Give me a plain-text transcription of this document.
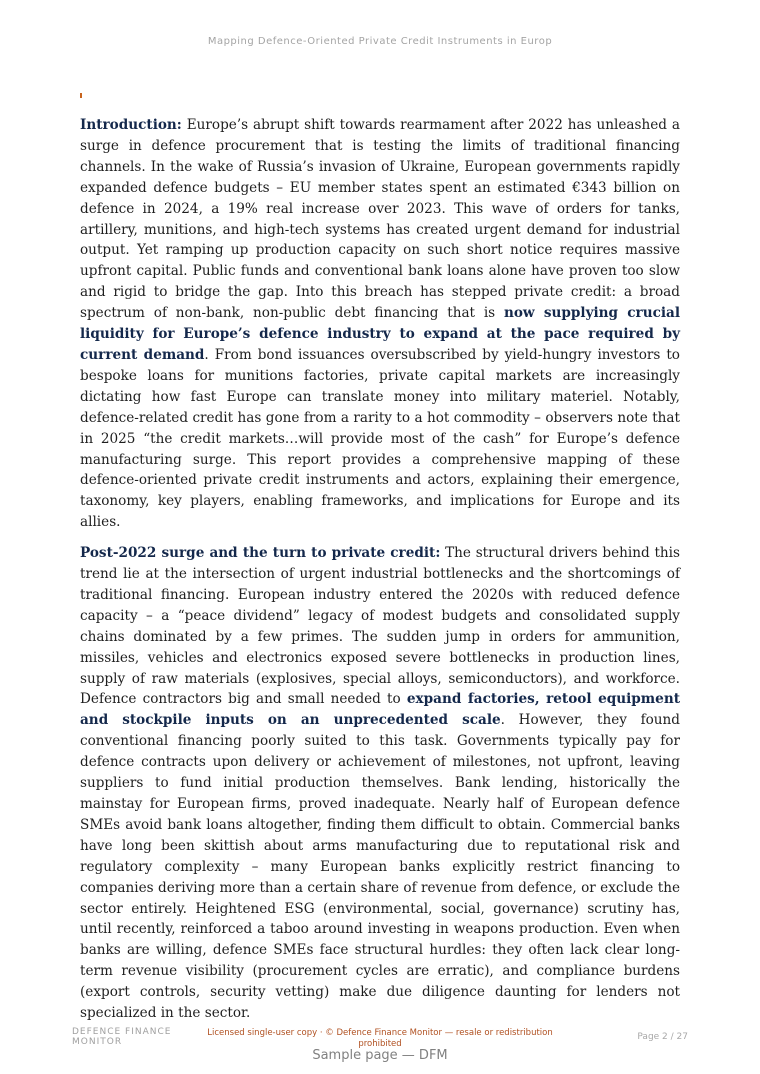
Mapping Defence-Oriented Private Credit Instruments in Europ

Introduction: Europe’s abrupt shift towards rearmament after 2022 has unleashed a surge in defence procurement that is testing the limits of traditional financing channels. In the wake of Russia’s invasion of Ukraine, European governments rapidly expanded defence budgets – EU member states spent an estimated €343 billion on defence in 2024, a 19% real increase over 2023. This wave of orders for tanks, artillery, munitions, and high-tech systems has created urgent demand for industrial output. Yet ramping up production capacity on such short notice requires massive upfront capital. Public funds and conventional bank loans alone have proven too slow and rigid to bridge the gap. Into this breach has stepped private credit: a broad spectrum of non-bank, non-public debt financing that is now supplying crucial liquidity for Europe’s defence industry to expand at the pace required by current demand. From bond issuances oversubscribed by yield-hungry investors to bespoke loans for munitions factories, private capital markets are increasingly dictating how fast Europe can translate money into military materiel. Notably, defence-related credit has gone from a rarity to a hot commodity – observers note that in 2025 “the credit markets…will provide most of the cash” for Europe’s defence manufacturing surge. This report provides a comprehensive mapping of these defence-oriented private credit instruments and actors, explaining their emergence, taxonomy, key players, enabling frameworks, and implications for Europe and its allies.

Post-2022 surge and the turn to private credit: The structural drivers behind this trend lie at the intersection of urgent industrial bottlenecks and the shortcomings of traditional financing. European industry entered the 2020s with reduced defence capacity – a “peace dividend” legacy of modest budgets and consolidated supply chains dominated by a few primes. The sudden jump in orders for ammunition, missiles, vehicles and electronics exposed severe bottlenecks in production lines, supply of raw materials (explosives, special alloys, semiconductors), and workforce. Defence contractors big and small needed to expand factories, retool equipment and stockpile inputs on an unprecedented scale. However, they found conventional financing poorly suited to this task. Governments typically pay for defence contracts upon delivery or achievement of milestones, not upfront, leaving suppliers to fund initial production themselves. Bank lending, historically the mainstay for European firms, proved inadequate. Nearly half of European defence SMEs avoid bank loans altogether, finding them difficult to obtain. Commercial banks have long been skittish about arms manufacturing due to reputational risk and regulatory complexity – many European banks explicitly restrict financing to companies deriving more than a certain share of revenue from defence, or exclude the sector entirely. Heightened ESG (environmental, social, governance) scrutiny has, until recently, reinforced a taboo around investing in weapons production. Even when banks are willing, defence SMEs face structural hurdles: they often lack clear long-term revenue visibility (procurement cycles are erratic), and compliance burdens (export controls, security vetting) make due diligence daunting for lenders not specialized in the sector.

DEFENCE FINANCE
MONITOR
Licensed single-user copy · © Defence Finance Monitor — resale or redistribution prohibited
Page 2 / 27
Sample page — DFM
